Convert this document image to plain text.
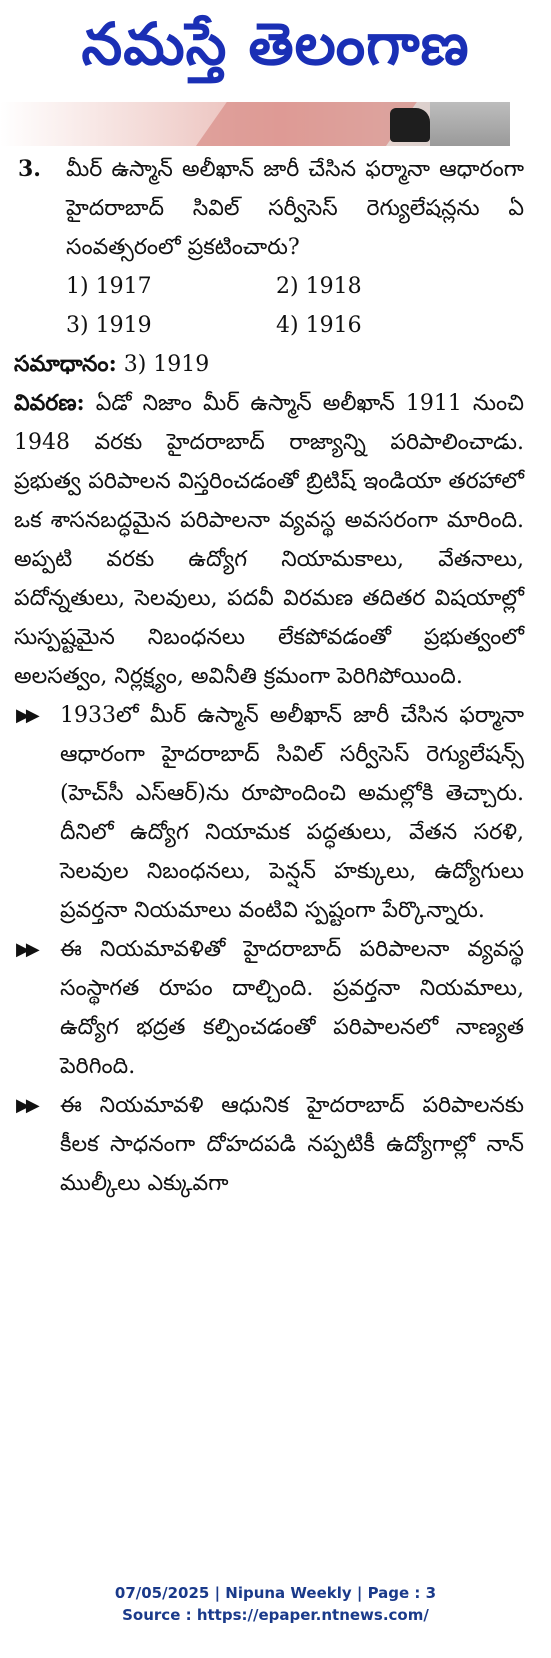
నమస్తే తెలంగాణ
3. మీర్ ఉస్మాన్ అలీఖాన్ జారీ చేసిన ఫర్మానా ఆధారంగా హైదరాబాద్ సివిల్ సర్వీసెస్ రెగ్యులేషన్లను ఏ సంవత్సరంలో ప్రకటించారు?
1) 1917	2) 1918
3) 1919	4) 1916
సమాధానం: 3) 1919
వివరణ: ఏడో నిజాం మీర్ ఉస్మాన్ అలీఖాన్ 1911 నుంచి 1948 వరకు హైదరాబాద్ రాజ్యాన్ని పరిపాలించాడు. ప్రభుత్వ పరిపాలన విస్తరించడంతో బ్రిటిష్ ఇండియా తరహాలో ఒక శాసనబద్ధమైన పరిపాలనా వ్యవస్థ అవసరంగా మారింది. అప్పటి వరకు ఉద్యోగ నియామకాలు, వేతనాలు, పదోన్నతులు, సెలవులు, పదవీ విరమణ తదితర విషయాల్లో సుస్పష్టమైన నిబంధనలు లేకపోవడంతో ప్రభుత్వంలో అలసత్వం, నిర్లక్ష్యం, అవినీతి క్రమంగా పెరిగిపోయింది.
▶▶ 1933లో మీర్ ఉస్మాన్ అలీఖాన్ జారీ చేసిన ఫర్మానా ఆధారంగా హైదరాబాద్ సివిల్ సర్వీసెస్ రెగ్యులేషన్స్ (హెచ్‌సీ ఎస్ఆర్)ను రూపొందించి అమల్లోకి తెచ్చారు. దీనిలో ఉద్యోగ నియామక పద్ధతులు, వేతన సరళి, సెలవుల నిబంధనలు, పెన్షన్ హక్కులు, ఉద్యోగులు ప్రవర్తనా నియమాలు వంటివి స్పష్టంగా పేర్కొన్నారు.
▶▶ ఈ నియమావళితో హైదరాబాద్ పరిపాలనా వ్యవస్థ సంస్థాగత రూపం దాల్చింది. ప్రవర్తనా నియమాలు, ఉద్యోగ భద్రత కల్పించడంతో పరిపాలనలో నాణ్యత పెరిగింది.
▶▶ ఈ నియమావళి ఆధునిక హైదరాబాద్ పరిపాలనకు కీలక సాధనంగా దోహదపడి నప్పటికీ ఉద్యోగాల్లో నాన్ ముల్కీలు ఎక్కువగా
07/05/2025 | Nipuna Weekly | Page : 3
Source : https://epaper.ntnews.com/
